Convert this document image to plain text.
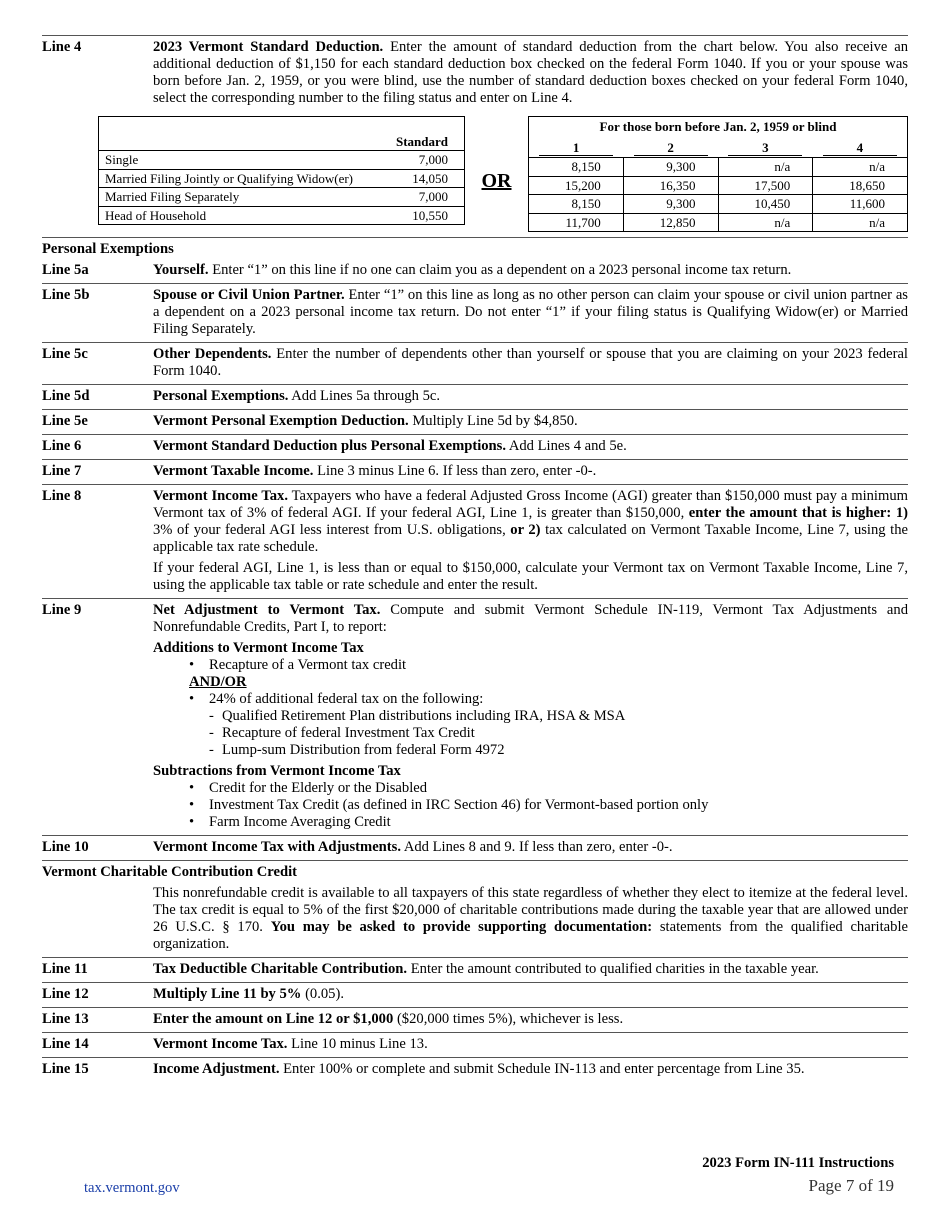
Line 4	2023 Vermont Standard Deduction. Enter the amount of standard deduction from the chart below. You also receive an additional deduction of $1,150 for each standard deduction box checked on the federal Form 1040. If you or your spouse was born before Jan. 2, 1959, or you were blind, use the number of standard deduction boxes checked on your federal Form 1040, select the corresponding number to the filing status and enter on Line 4.
	Standard
Single	7,000
Married Filing Jointly or Qualifying Widow(er)	14,050
Married Filing Separately	7,000
Head of Household	10,550
OR
For those born before Jan. 2, 1959 or blind			
1	2	3	4
8,150	9,300	n/a	n/a
15,200	16,350	17,500	18,650
8,150	9,300	10,450	11,600
11,700	12,850	n/a	n/a
Personal Exemptions
Line 5a	Yourself. Enter “1” on this line if no one can claim you as a dependent on a 2023 personal income tax return.
Line 5b	Spouse or Civil Union Partner. Enter “1” on this line as long as no other person can claim your spouse or civil union partner as a dependent on a 2023 personal income tax return. Do not enter “1” if your filing status is Qualifying Widow(er) or Married Filing Separately.
Line 5c	Other Dependents. Enter the number of dependents other than yourself or spouse that you are claiming on your 2023 federal Form 1040.
Line 5d	Personal Exemptions. Add Lines 5a through 5c.
Line 5e	Vermont Personal Exemption Deduction. Multiply Line 5d by $4,850.
Line 6	Vermont Standard Deduction plus Personal Exemptions. Add Lines 4 and 5e.
Line 7	Vermont Taxable Income. Line 3 minus Line 6. If less than zero, enter -0-.
Line 8	Vermont Income Tax. Taxpayers who have a federal Adjusted Gross Income (AGI) greater than $150,000 must pay a minimum Vermont tax of 3% of federal AGI. If your federal AGI, Line 1, is greater than $150,000, enter the amount that is higher: 1) 3% of your federal AGI less interest from U.S. obligations, or 2) tax calculated on Vermont Taxable Income, Line 7, using the applicable tax rate schedule.

If your federal AGI, Line 1, is less than or equal to $150,000, calculate your Vermont tax on Vermont Taxable Income, Line 7, using the applicable tax table or rate schedule and enter the result.

Line 9	Net Adjustment to Vermont Tax. Compute and submit Vermont Schedule IN-119, Vermont Tax Adjustments and Nonrefundable Credits, Part I, to report:

Additions to Vermont Income Tax

• Recapture of a Vermont tax credit

AND/OR

• 24% of additional federal tax on the following:
- Qualified Retirement Plan distributions including IRA, HSA & MSA
- Recapture of federal Investment Tax Credit
- Lump-sum Distribution from federal Form 4972

Subtractions from Vermont Income Tax

• Credit for the Elderly or the Disabled
• Investment Tax Credit (as defined in IRC Section 46) for Vermont-based portion only
• Farm Income Averaging Credit
Line 10	Vermont Income Tax with Adjustments. Add Lines 8 and 9. If less than zero, enter -0-.
Vermont Charitable Contribution Credit
This nonrefundable credit is available to all taxpayers of this state regardless of whether they elect to itemize at the federal level. The tax credit is equal to 5% of the first $20,000 of charitable contributions made during the taxable year that are allowed under 26 U.S.C. § 170. You may be asked to provide supporting documentation: statements from the qualified charitable organization.
Line 11	Tax Deductible Charitable Contribution. Enter the amount contributed to qualified charities in the taxable year.
Line 12	Multiply Line 11 by 5% (0.05).
Line 13	Enter the amount on Line 12 or $1,000 ($20,000 times 5%), whichever is less.
Line 14	Vermont Income Tax. Line 10 minus Line 13.
Line 15	Income Adjustment. Enter 100% or complete and submit Schedule IN-113 and enter percentage from Line 35.
2023 Form IN-111 Instructions
Page 7 of 19
tax.vermont.gov
